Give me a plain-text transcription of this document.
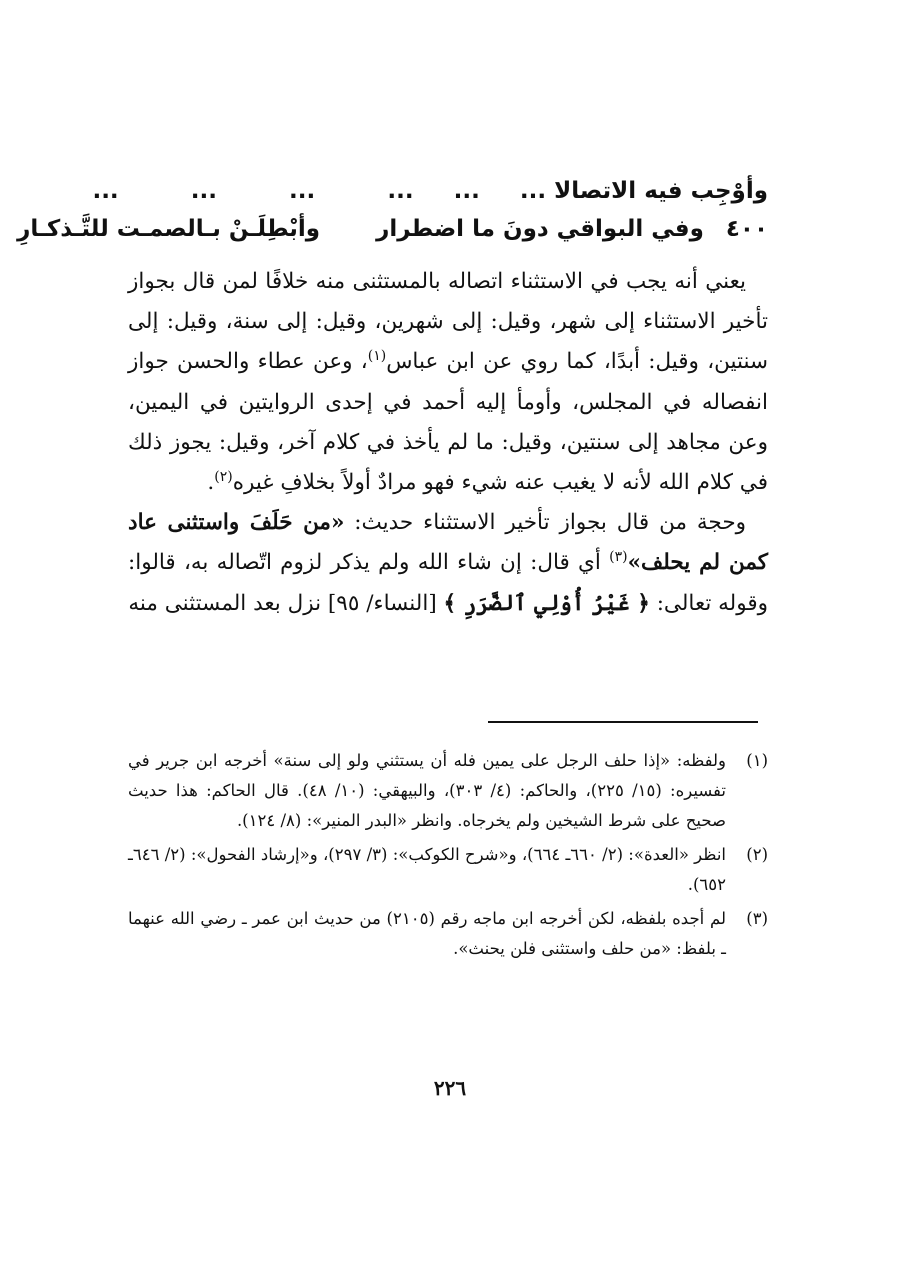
وأوْجِب فيه الاتصالا ...     ...     ...         ...         ...         ...
٤٠٠ وفي البواقي دونَ ما اضطرار       وأبْطِلَـنْ بـالصمـت للتَّـذكـارِ

يعني أنه يجب في الاستثناء اتصاله بالمستثنى منه خلافًا لمن قال بجواز تأخير الاستثناء إلى شهر، وقيل: إلى شهرين، وقيل: إلى سنة، وقيل: إلى سنتين، وقيل: أبدًا، كما روي عن ابن عباس$^{(١)}$، وعن عطاء والحسن جواز انفصاله في المجلس، وأومأ إليه أحمد في إحدى الروايتين في اليمين، وعن مجاهد إلى سنتين، وقيل: ما لم يأخذ في كلام آخر، وقيل: يجوز ذلك في كلام الله لأنه لا يغيب عنه شيء فهو مرادٌ أولاً بخلافِ غيره$^{(٢)}$.

وحجة من قال بجواز تأخير الاستثناء حديث: «من حَلَفَ واستثنى عاد كمن لم يحلف»$^{(٣)}$ أي قال: إن شاء الله ولم يذكر لزوم اتّصاله به، قالوا: وقوله تعالى: ﴿ غَيْرُ أُوْلِي ٱلضَّرَرِ ﴾ [النساء/ ٩٥] نزل بعد المستثنى منه

(١)
ولفظه: «إذا حلف الرجل على يمين فله أن يستثني ولو إلى سنة» أخرجه ابن جرير في تفسيره: (١٥/ ٢٢٥)، والحاكم: (٤/ ٣٠٣)، والبيهقي: (١٠/ ٤٨). قال الحاكم: هذا حديث صحيح على شرط الشيخين ولم يخرجاه. وانظر «البدر المنير»: (٨/ ١٢٤).
(٢)
انظر «العدة»: (٢/ ٦٦٠ـ ٦٦٤)، و«شرح الكوكب»: (٣/ ٢٩٧)، و«إرشاد الفحول»: (٢/ ٦٤٦ـ ٦٥٢).
(٣)
لم أجده بلفظه، لكن أخرجه ابن ماجه رقم (٢١٠٥) من حديث ابن عمر ـ رضي الله عنهما ـ بلفظ: «من حلف واستثنى فلن يحنث».
٢٢٦
